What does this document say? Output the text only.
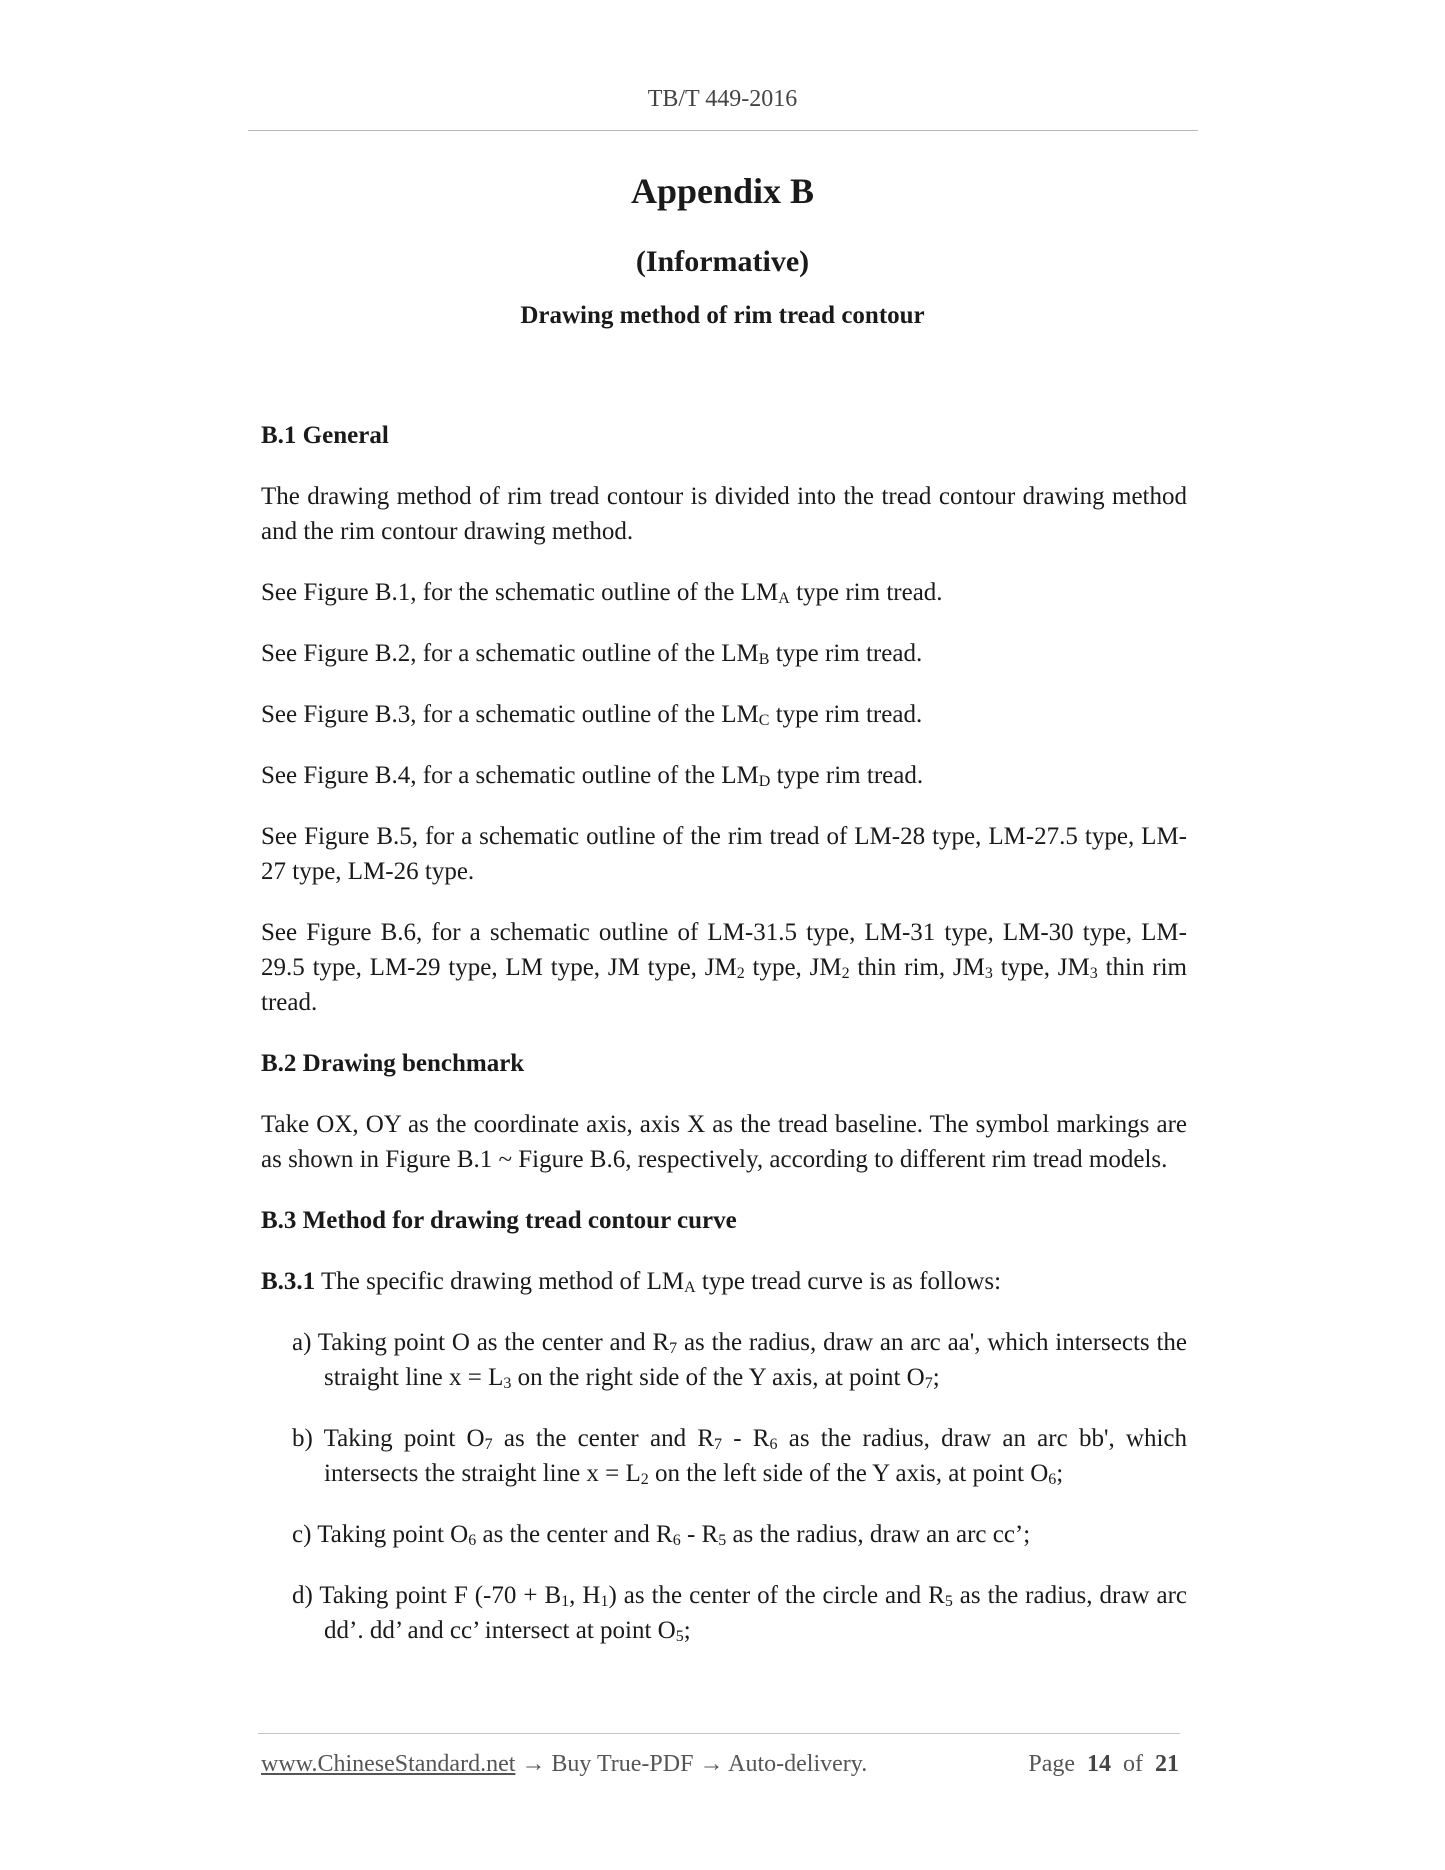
TB/T 449-2016
Appendix B
(Informative)
Drawing method of rim tread contour
B.1 General

The drawing method of rim tread contour is divided into the tread contour drawing method and the rim contour drawing method.

See Figure B.1, for the schematic outline of the $LM_A$ type rim tread.

See Figure B.2, for a schematic outline of the $LM_B$ type rim tread.

See Figure B.3, for a schematic outline of the $LM_C$ type rim tread.

See Figure B.4, for a schematic outline of the $LM_D$ type rim tread.

See Figure B.5, for a schematic outline of the rim tread of LM-28 type, LM-27.5 type, LM-27 type, LM-26 type.

See Figure B.6, for a schematic outline of LM-31.5 type, LM-31 type, LM-30 type, LM-29.5 type, LM-29 type, LM type, JM type, $JM_2$ type, $JM_2$ thin rim, $JM_3$ type, $JM_3$ thin rim tread.

B.2 Drawing benchmark

Take OX, OY as the coordinate axis, axis X as the tread baseline. The symbol markings are as shown in Figure B.1 ~ Figure B.6, respectively, according to different rim tread models.

B.3 Method for drawing tread contour curve

B.3.1 The specific drawing method of $LM_A$ type tread curve is as follows:

a) Taking point O as the center and $R_7$ as the radius, draw an arc aa', which intersects the straight line $x = L_3$ on the right side of the Y axis, at point $O_7$;

b) Taking point $O_7$ as the center and $R_7 - R_6$ as the radius, draw an arc bb', which intersects the straight line $x = L_2$ on the left side of the Y axis, at point $O_6$;

c) Taking point $O_6$ as the center and $R_6 - R_5$ as the radius, draw an arc cc’;

d) Taking point F ($-70 + B_1$, $H_1$) as the center of the circle and $R_5$ as the radius, draw arc dd’. dd’ and cc’ intersect at point $O_5$;

www.ChineseStandard.net → Buy True-PDF → Auto-delivery.	Page 14 of 21
